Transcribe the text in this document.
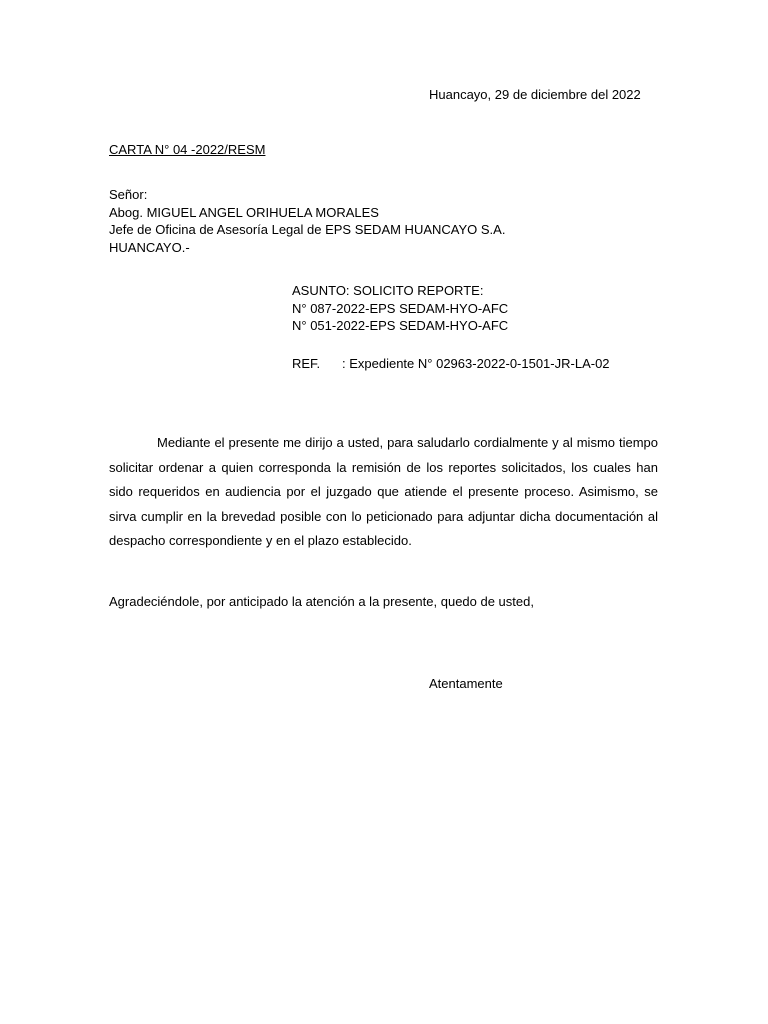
Huancayo, 29 de diciembre del 2022

CARTA N° 04 -2022/RESM

Señor:
Abog. MIGUEL ANGEL ORIHUELA MORALES
Jefe de Oficina de Asesoría Legal de EPS SEDAM HUANCAYO S.A.
HUANCAYO.-
ASUNTO: SOLICITO REPORTE:
N° 087-2022-EPS SEDAM-HYO-AFC
N° 051-2022-EPS SEDAM-HYO-AFC

REF. : Expediente N° 02963-2022-0-1501-JR-LA-02

Mediante el presente me dirijo a usted, para saludarlo cordialmente y al mismo tiempo solicitar ordenar a quien corresponda la remisión de los reportes solicitados, los cuales han sido requeridos en audiencia por el juzgado que atiende el presente proceso. Asimismo, se sirva cumplir en la brevedad posible con lo peticionado para adjuntar dicha documentación al despacho correspondiente y en el plazo establecido.

Agradeciéndole, por anticipado la atención a la presente, quedo de usted,

Atentamente
